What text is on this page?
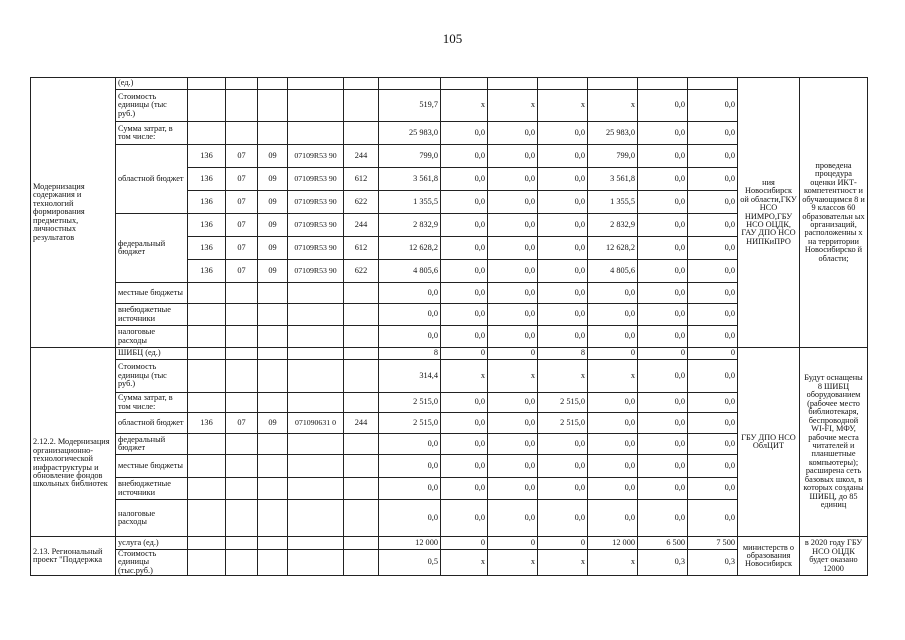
105
Модернизация содержания и технологий формирования предметных, личностных результатов	(ед.)													ния Новосибирск ой области,ГКУ НСО НИМРО,ГБУ НСО ОЦДК, ГАУ ДПО НСО НИПКиПРО	проведена процедура оценки ИКТ-компетентност и обучающимся 8 и 9 классов 60 образовательн ых организаций, расположенны х на территории Новосибирско й области;
	Стоимость единицы (тыс руб.)						519,7	x	x	x	x	0,0	0,0		
	Сумма затрат, в том числе:						25 983,0	0,0	0,0	0,0	25 983,0	0,0	0,0		
	областной бюджет	136	07	09	07109R53 90	244	799,0	0,0	0,0	0,0	799,0	0,0	0,0		
		136	07	09	07109R53 90	612	3 561,8	0,0	0,0	0,0	3 561,8	0,0	0,0		
		136	07	09	07109R53 90	622	1 355,5	0,0	0,0	0,0	1 355,5	0,0	0,0		
	федеральный бюджет	136	07	09	07109R53 90	244	2 832,9	0,0	0,0	0,0	2 832,9	0,0	0,0		
		136	07	09	07109R53 90	612	12 628,2	0,0	0,0	0,0	12 628,2	0,0	0,0		
		136	07	09	07109R53 90	622	4 805,6	0,0	0,0	0,0	4 805,6	0,0	0,0		
	местные бюджеты						0,0	0,0	0,0	0,0	0,0	0,0	0,0		
	внебюджетные источники						0,0	0,0	0,0	0,0	0,0	0,0	0,0		
	налоговые расходы						0,0	0,0	0,0	0,0	0,0	0,0	0,0		
2.12.2. Модернизация организационно-технологической инфраструктуры и обновление фондов школьных библиотек	ШИБЦ (ед.)						8	0	0	8	0	0	0	ГБУ ДПО НСО ОблЦИТ	Будут оснащены 8 ШИБЦ оборудованием (рабочее место библиотекаря, беспроводной WI-FI, МФУ, рабочие места читателей и планшетные компьютеры); расширена сеть базовых школ, в которых созданы ШИБЦ, до 85 единиц
	Стоимость единицы (тыс руб.)						314,4	x	x	x	x	0,0	0,0		
	Сумма затрат, в том числе:						2 515,0	0,0	0,0	2 515,0	0,0	0,0	0,0		
	областной бюджет	136	07	09	071090631 0	244	2 515,0	0,0	0,0	2 515,0	0,0	0,0	0,0		
	федеральный бюджет						0,0	0,0	0,0	0,0	0,0	0,0	0,0		
	местные бюджеты						0,0	0,0	0,0	0,0	0,0	0,0	0,0		
	внебюджетные источники						0,0	0,0	0,0	0,0	0,0	0,0	0,0		
	налоговые расходы						0,0	0,0	0,0	0,0	0,0	0,0	0,0		
2.13. Региональный проект "Поддержка	услуга (ед.)						12 000	0	0	0	12 000	6 500	7 500	министерств о образования Новосибирск	в 2020 году ГБУ НСО ОЦДК будет оказано 12000
	Стоимость единицы (тыс.руб.)						0,5	x	x	x	x	0,3	0,3		
